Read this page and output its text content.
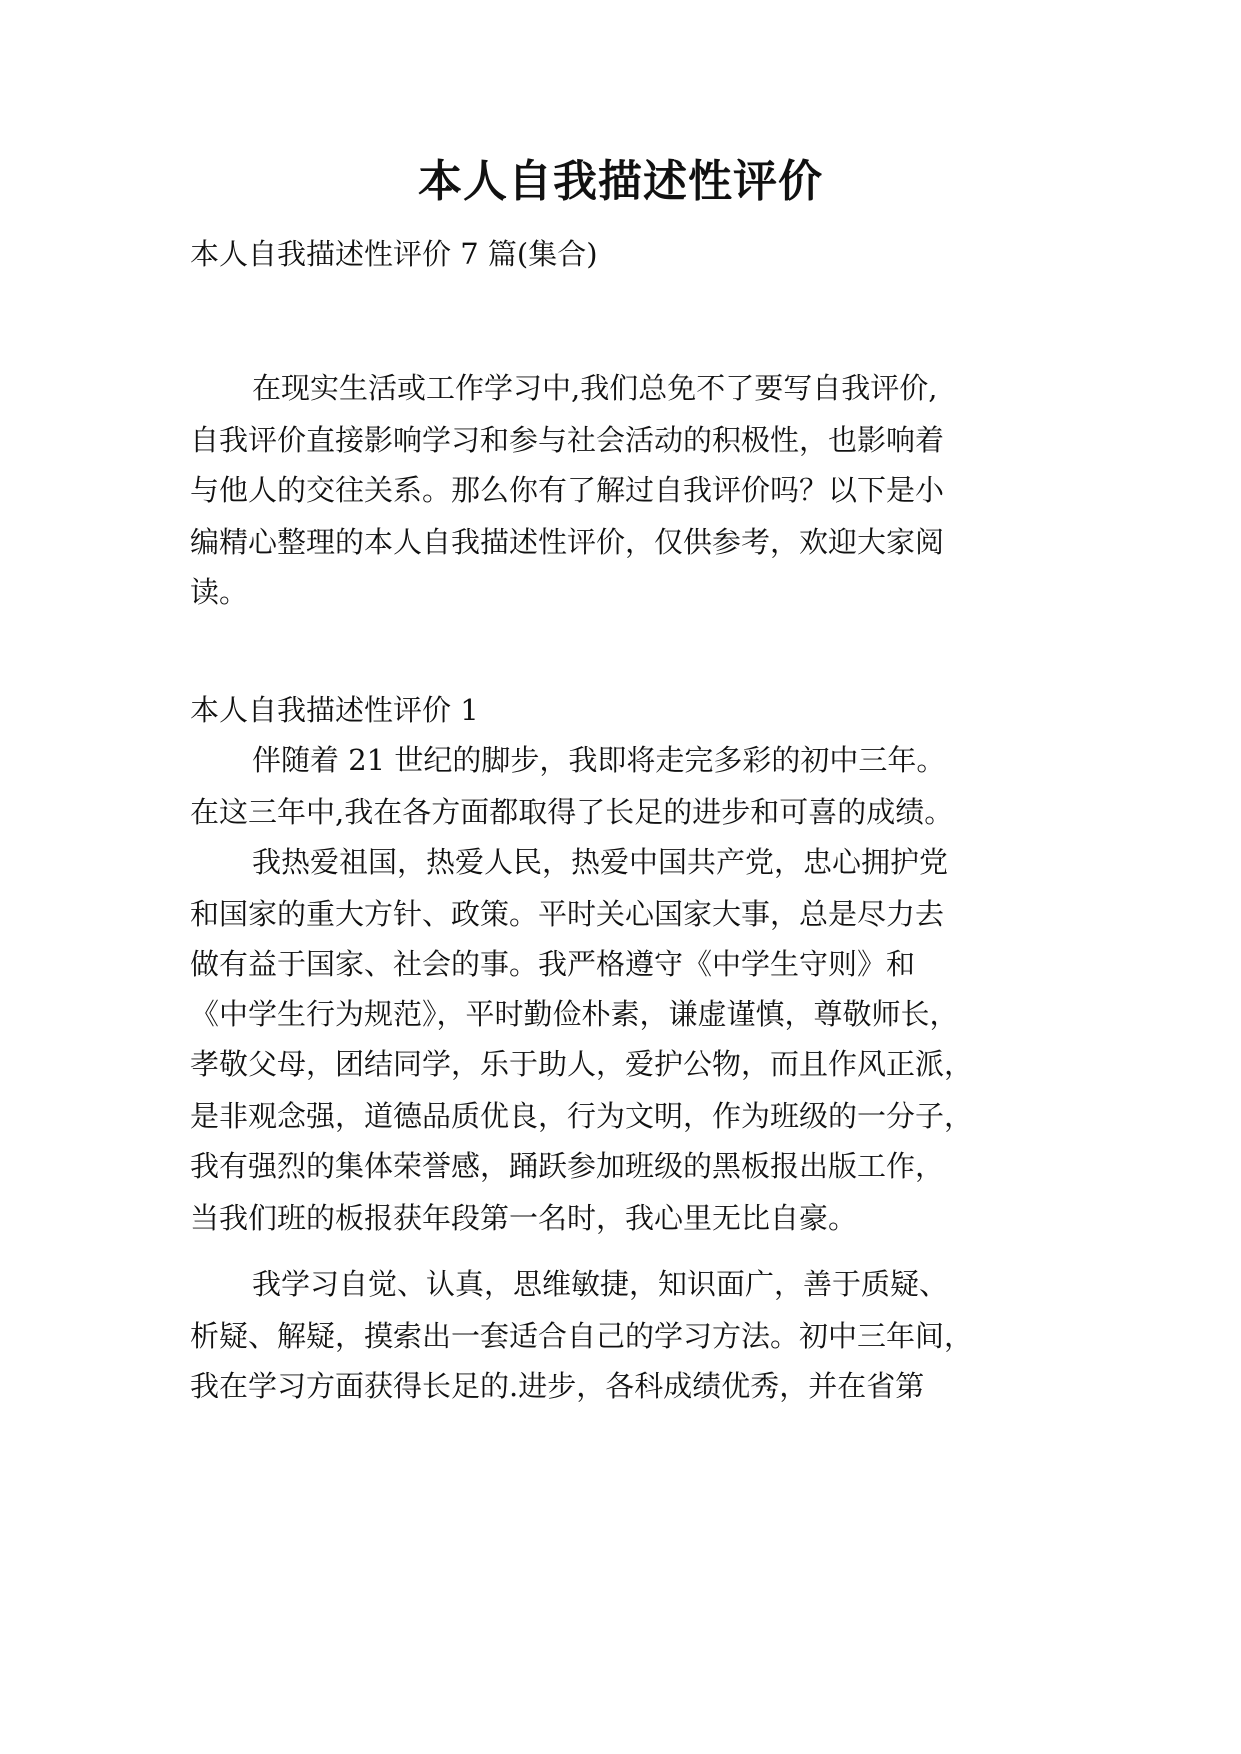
本人自我描述性评价

本人自我描述性评价 7 篇(集合)

在现实生活或工作学习中,我们总免不了要写自我评价,

自我评价直接影响学习和参与社会活动的积极性，也影响着

与他人的交往关系。那么你有了解过自我评价吗？以下是小

编精心整理的本人自我描述性评价，仅供参考，欢迎大家阅

读。

本人自我描述性评价 1

伴随着 21 世纪的脚步，我即将走完多彩的初中三年。

在这三年中,我在各方面都取得了长足的进步和可喜的成绩。

我热爱祖国，热爱人民，热爱中国共产党，忠心拥护党

和国家的重大方针、政策。平时关心国家大事，总是尽力去

做有益于国家、社会的事。我严格遵守《中学生守则》和

《中学生行为规范》，平时勤俭朴素，谦虚谨慎，尊敬师长，

孝敬父母，团结同学，乐于助人，爱护公物，而且作风正派，

是非观念强，道德品质优良，行为文明，作为班级的一分子，

我有强烈的集体荣誉感，踊跃参加班级的黑板报出版工作，

当我们班的板报获年段第一名时，我心里无比自豪。

我学习自觉、认真，思维敏捷，知识面广，善于质疑、

析疑、解疑，摸索出一套适合自己的学习方法。初中三年间，

我在学习方面获得长足的.进步，各科成绩优秀，并在省第
